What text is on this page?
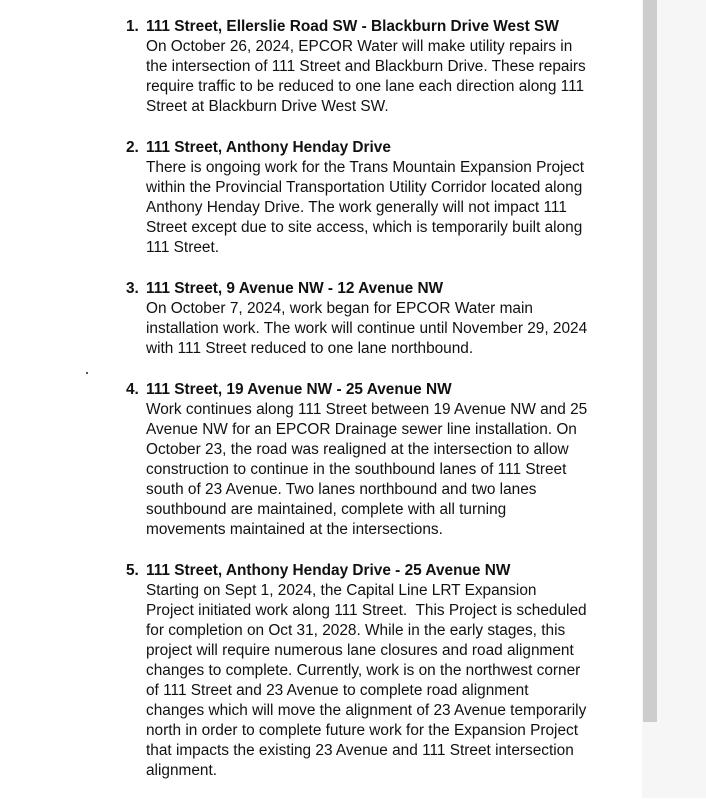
1. 111 Street, Ellerslie Road SW - Blackburn Drive West SW
On October 26, 2024, EPCOR Water will make utility repairs in
the intersection of 111 Street and Blackburn Drive. These repairs
require traffic to be reduced to one lane each direction along 111
Street at Blackburn Drive West SW.
2. 111 Street, Anthony Henday Drive
There is ongoing work for the Trans Mountain Expansion Project
within the Provincial Transportation Utility Corridor located along
Anthony Henday Drive. The work generally will not impact 111
Street except due to site access, which is temporarily built along
111 Street.
3. 111 Street, 9 Avenue NW - 12 Avenue NW
On October 7, 2024, work began for EPCOR Water main
installation work. The work will continue until November 29, 2024
with 111 Street reduced to one lane northbound.
4. 111 Street, 19 Avenue NW - 25 Avenue NW
Work continues along 111 Street between 19 Avenue NW and 25
Avenue NW for an EPCOR Drainage sewer line installation. On
October 23, the road was realigned at the intersection to allow
construction to continue in the southbound lanes of 111 Street
south of 23 Avenue. Two lanes northbound and two lanes
southbound are maintained, complete with all turning
movements maintained at the intersections.
5. 111 Street, Anthony Henday Drive - 25 Avenue NW
Starting on Sept 1, 2024, the Capital Line LRT Expansion
Project initiated work along 111 Street.  This Project is scheduled
for completion on Oct 31, 2028. While in the early stages, this
project will require numerous lane closures and road alignment
changes to complete. Currently, work is on the northwest corner
of 111 Street and 23 Avenue to complete road alignment
changes which will move the alignment of 23 Avenue temporarily
north in order to complete future work for the Expansion Project
that impacts the existing 23 Avenue and 111 Street intersection
alignment.
